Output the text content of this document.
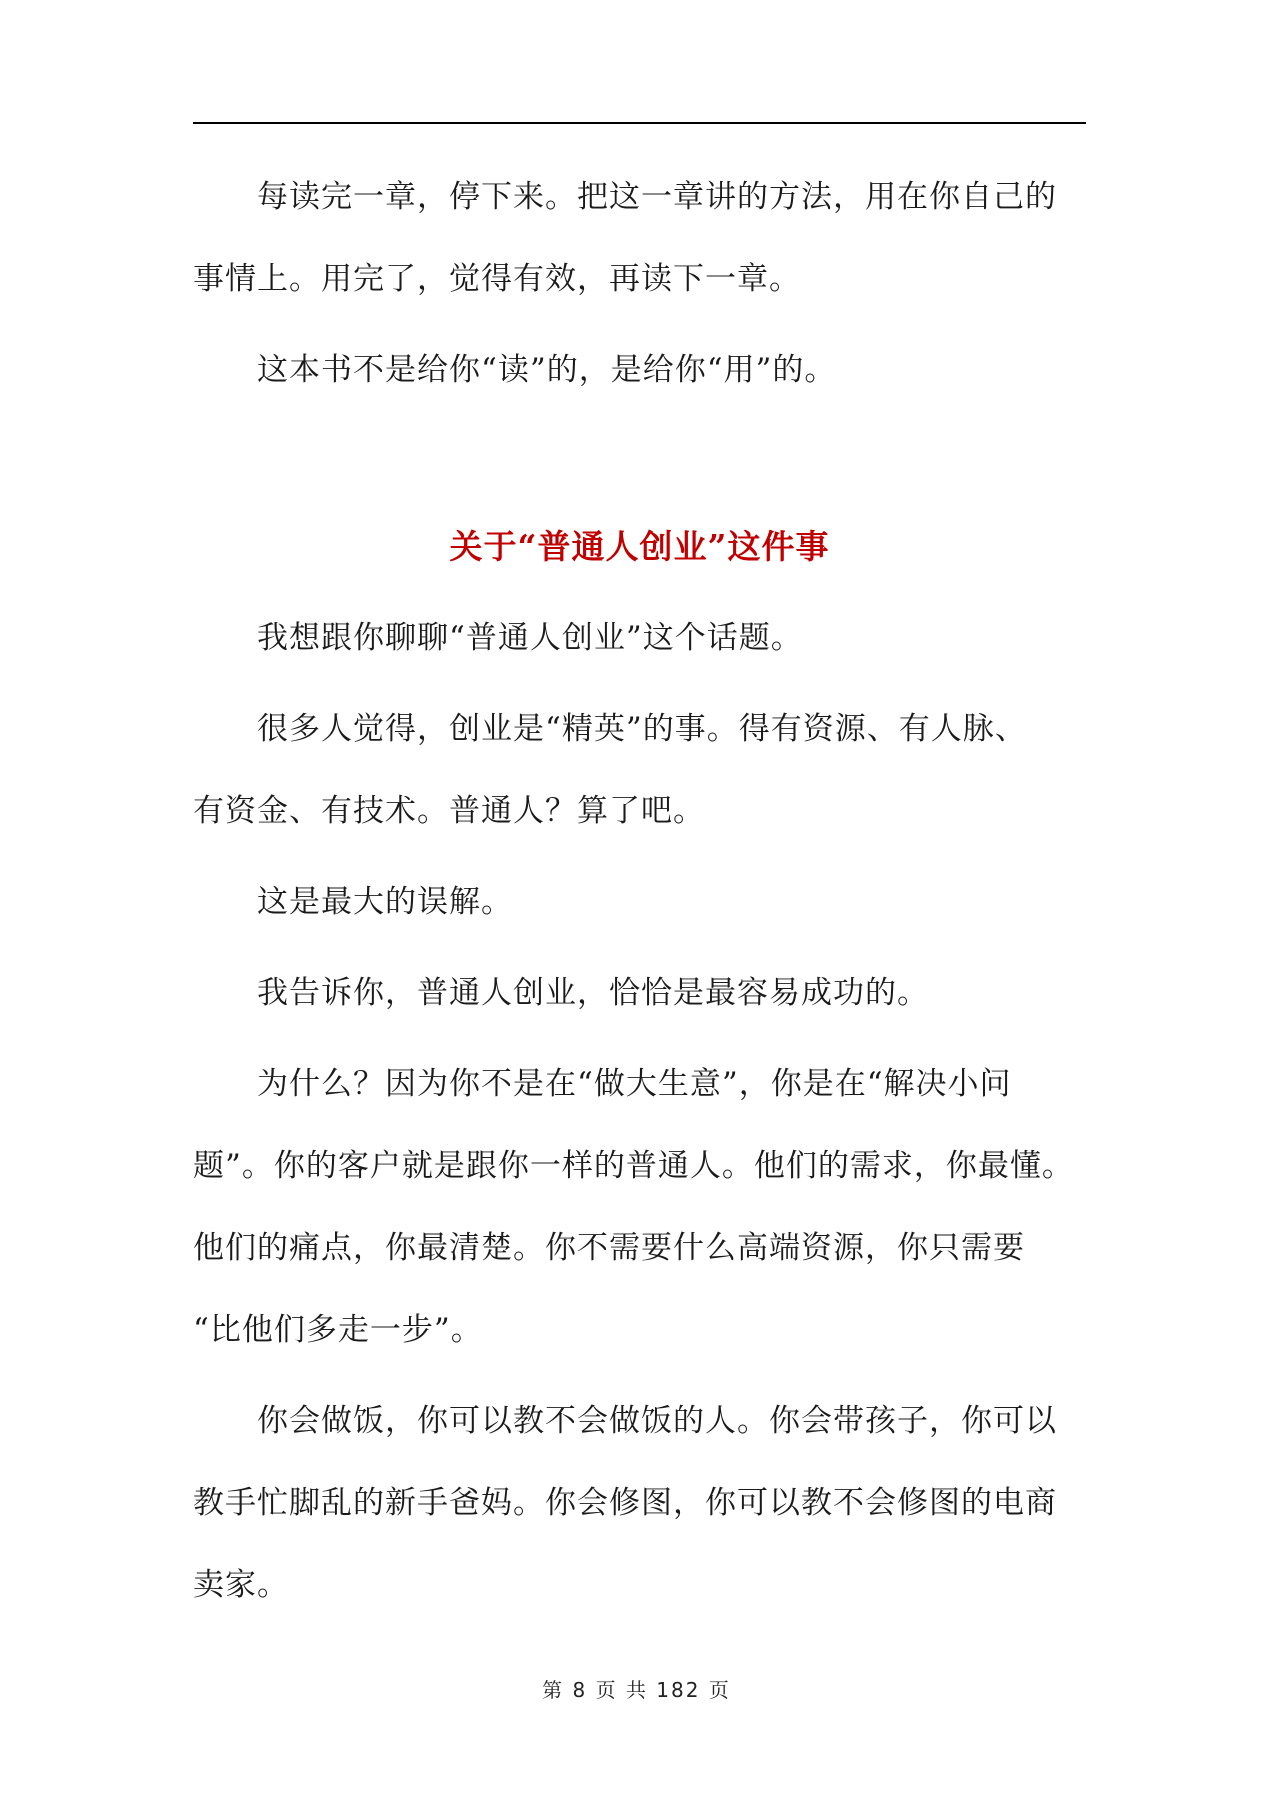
每读完一章，停下来。把这一章讲的方法，用在你自己的
事情上。用完了，觉得有效，再读下一章。
这本书不是给你“读”的，是给你“用”的。
关于“普通人创业”这件事
我想跟你聊聊“普通人创业”这个话题。
很多人觉得，创业是“精英”的事。得有资源、有人脉、
有资金、有技术。普通人？算了吧。
这是最大的误解。
我告诉你，普通人创业，恰恰是最容易成功的。
为什么？因为你不是在“做大生意”，你是在“解决小问
题”。你的客户就是跟你一样的普通人。他们的需求，你最懂。
他们的痛点，你最清楚。你不需要什么高端资源，你只需要
“比他们多走一步”。
你会做饭，你可以教不会做饭的人。你会带孩子，你可以
教手忙脚乱的新手爸妈。你会修图，你可以教不会修图的电商
卖家。
第 8 页 共 182 页
